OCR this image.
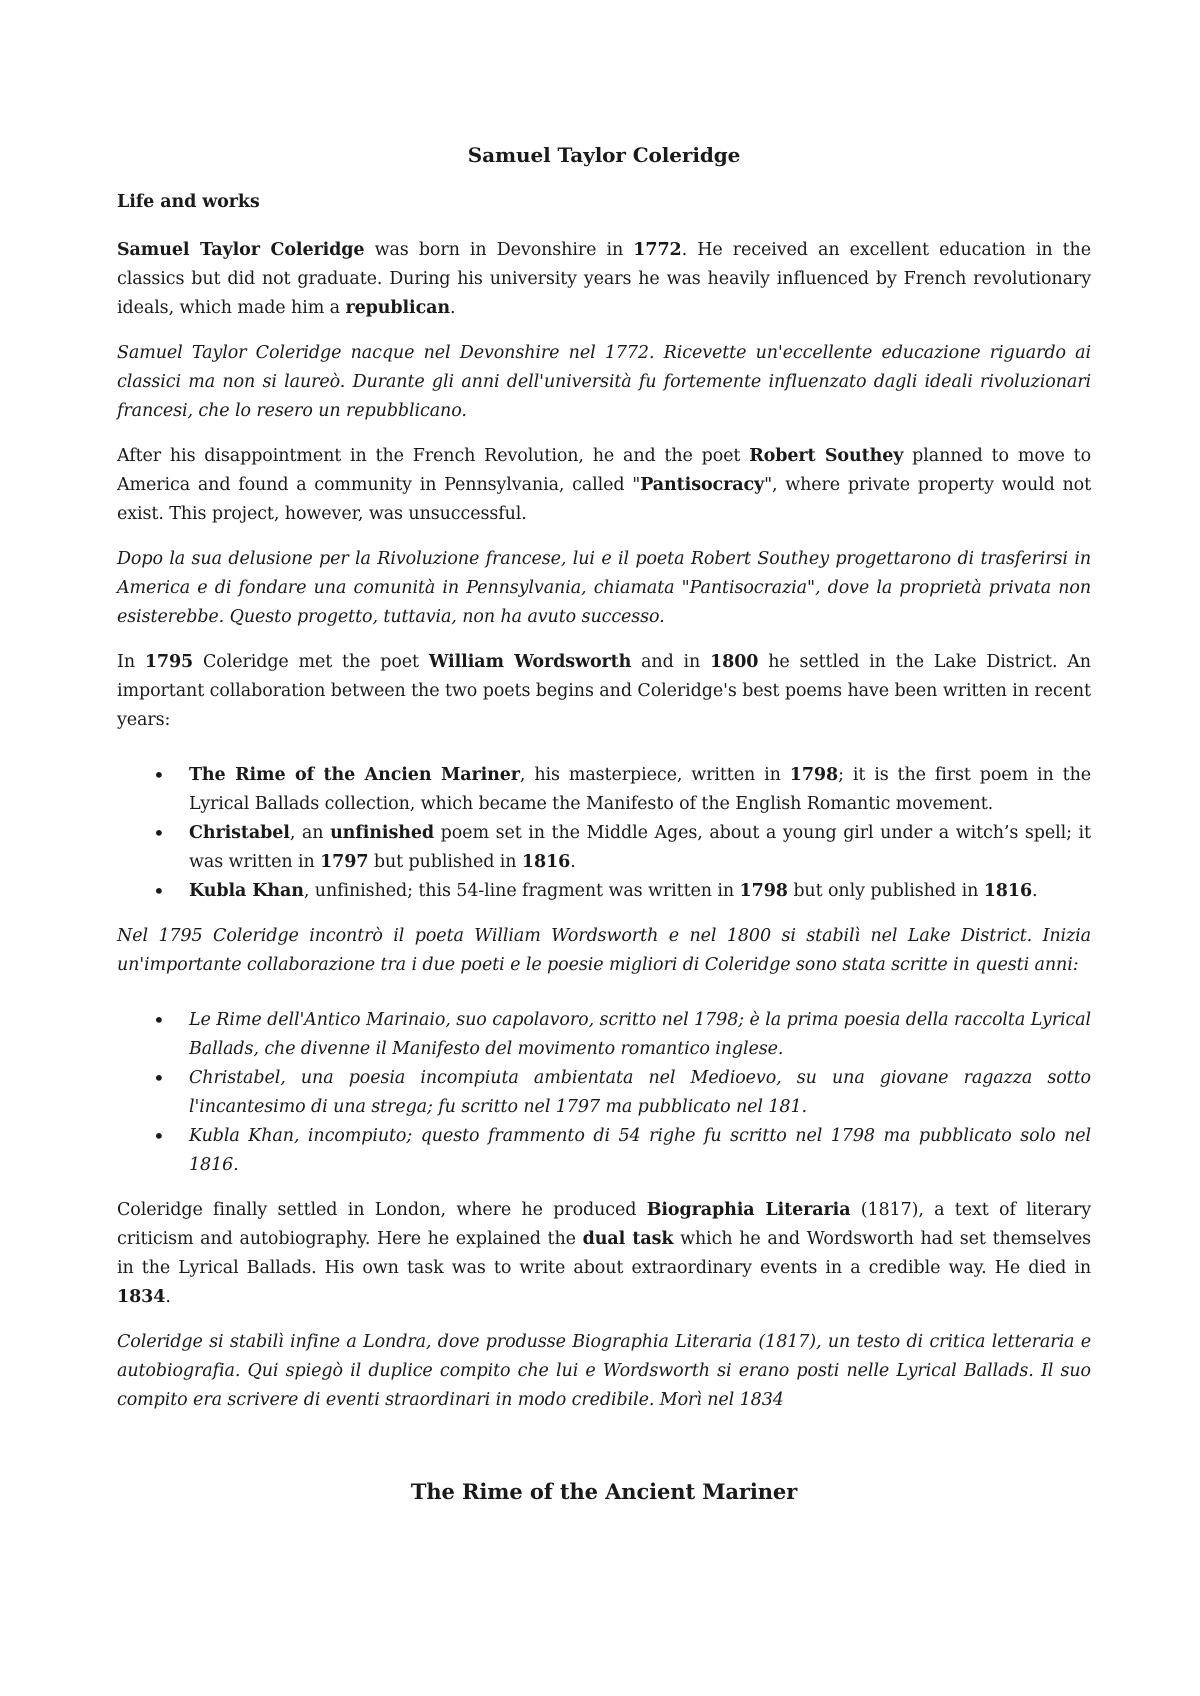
Samuel Taylor Coleridge
Life and works

Samuel Taylor Coleridge was born in Devonshire in 1772. He received an excellent education in the classics but did not graduate. During his university years he was heavily influenced by French revolutionary ideals, which made him a republican.

Samuel Taylor Coleridge nacque nel Devonshire nel 1772. Ricevette un'eccellente educazione riguardo ai classici ma non si laureò. Durante gli anni dell'università fu fortemente influenzato dagli ideali rivoluzionari francesi, che lo resero un repubblicano.

After his disappointment in the French Revolution, he and the poet Robert Southey planned to move to America and found a community in Pennsylvania, called "Pantisocracy", where private property would not exist. This project, however, was unsuccessful.

Dopo la sua delusione per la Rivoluzione francese, lui e il poeta Robert Southey progettarono di trasferirsi in America e di fondare una comunità in Pennsylvania, chiamata "Pantisocrazia", dove la proprietà privata non esisterebbe. Questo progetto, tuttavia, non ha avuto successo.

In 1795 Coleridge met the poet William Wordsworth and in 1800 he settled in the Lake District. An important collaboration between the two poets begins and Coleridge's best poems have been written in recent years:

• The Rime of the Ancien Mariner, his masterpiece, written in 1798; it is the first poem in the Lyrical Ballads collection, which became the Manifesto of the English Romantic movement.
• Christabel, an unfinished poem set in the Middle Ages, about a young girl under a witch’s spell; it was written in 1797 but published in 1816.
• Kubla Khan, unfinished; this 54-line fragment was written in 1798 but only published in 1816.

Nel 1795 Coleridge incontrò il poeta William Wordsworth e nel 1800 si stabilì nel Lake District. Inizia un'importante collaborazione tra i due poeti e le poesie migliori di Coleridge sono stata scritte in questi anni:

• Le Rime dell'Antico Marinaio, suo capolavoro, scritto nel 1798; è la prima poesia della raccolta Lyrical Ballads, che divenne il Manifesto del movimento romantico inglese.
• Christabel, una poesia incompiuta ambientata nel Medioevo, su una giovane ragazza sotto l'incantesimo di una strega; fu scritto nel 1797 ma pubblicato nel 181.
• Kubla Khan, incompiuto; questo frammento di 54 righe fu scritto nel 1798 ma pubblicato solo nel 1816.

Coleridge finally settled in London, where he produced Biographia Literaria (1817), a text of literary criticism and autobiography. Here he explained the dual task which he and Wordsworth had set themselves in the Lyrical Ballads. His own task was to write about extraordinary events in a credible way. He died in 1834.

Coleridge si stabilì infine a Londra, dove produsse Biographia Literaria (1817), un testo di critica letteraria e autobiografia. Qui spiegò il duplice compito che lui e Wordsworth si erano posti nelle Lyrical Ballads. Il suo compito era scrivere di eventi straordinari in modo credibile. Morì nel 1834

The Rime of the Ancient Mariner
